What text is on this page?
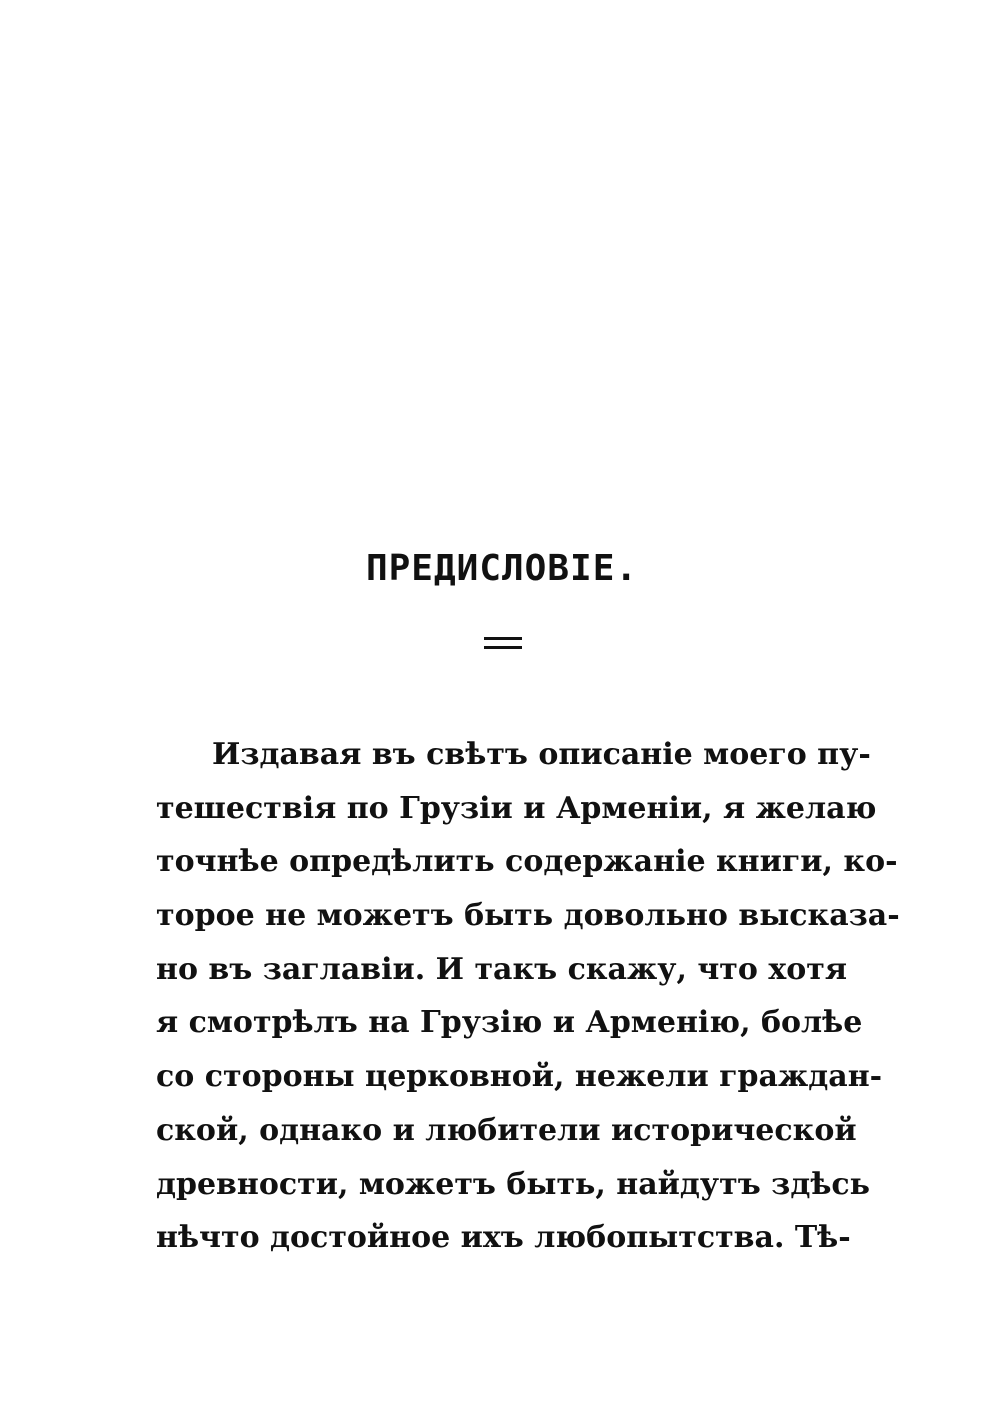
ПРЕДИСЛОВІЕ.
Издавая въ свѣтъ описаніе моего пу-
тешествія по Грузіи и Арменіи, я желаю
точнѣе опредѣлить содержаніе книги, ко-
торое не можетъ быть довольно высказа-
но въ заглавіи. И такъ скажу, что хотя
я смотрѣлъ на Грузію и Арменію, болѣе
со стороны церковной, нежели граждан-
ской, однако и любители исторической
древности, можетъ быть, найдутъ здѣсь
нѣчто достойное ихъ любопытства. Тѣ-
